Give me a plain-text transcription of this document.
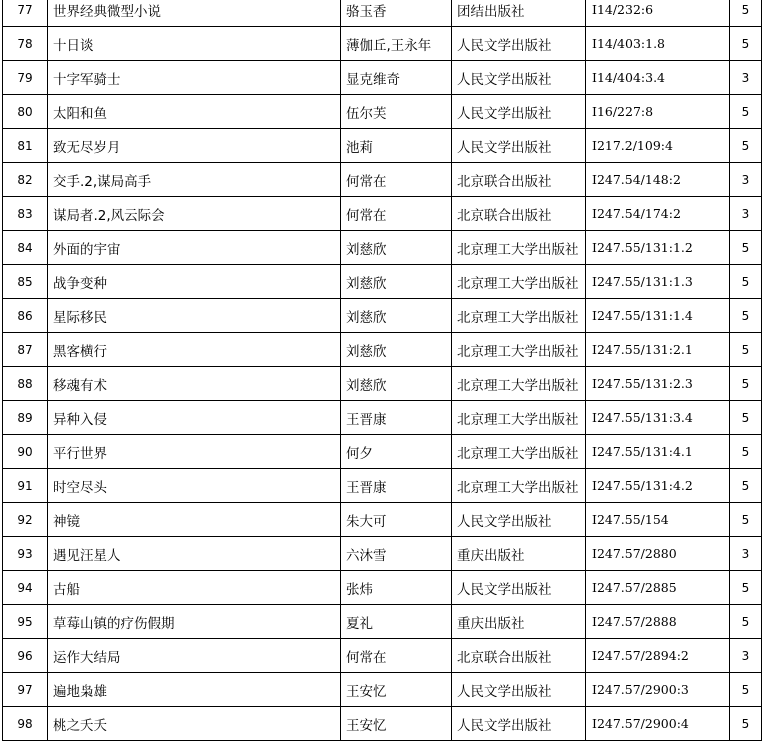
77	世界经典微型小说	骆玉香	团结出版社	I14/232:6	5
78	十日谈	薄伽丘,王永年	人民文学出版社	I14/403:1.8	5
79	十字军骑士	显克维奇	人民文学出版社	I14/404:3.4	3
80	太阳和鱼	伍尔芙	人民文学出版社	I16/227:8	5
81	致无尽岁月	池莉	人民文学出版社	I217.2/109:4	5
82	交手.2,谋局高手	何常在	北京联合出版社	I247.54/148:2	3
83	谋局者.2,风云际会	何常在	北京联合出版社	I247.54/174:2	3
84	外面的宇宙	刘慈欣	北京理工大学出版社	I247.55/131:1.2	5
85	战争变种	刘慈欣	北京理工大学出版社	I247.55/131:1.3	5
86	星际移民	刘慈欣	北京理工大学出版社	I247.55/131:1.4	5
87	黑客横行	刘慈欣	北京理工大学出版社	I247.55/131:2.1	5
88	移魂有术	刘慈欣	北京理工大学出版社	I247.55/131:2.3	5
89	异种入侵	王晋康	北京理工大学出版社	I247.55/131:3.4	5
90	平行世界	何夕	北京理工大学出版社	I247.55/131:4.1	5
91	时空尽头	王晋康	北京理工大学出版社	I247.55/131:4.2	5
92	神镜	朱大可	人民文学出版社	I247.55/154	5
93	遇见汪星人	六沐雪	重庆出版社	I247.57/2880	3
94	古船	张炜	人民文学出版社	I247.57/2885	5
95	草莓山镇的疗伤假期	夏礼	重庆出版社	I247.57/2888	5
96	运作大结局	何常在	北京联合出版社	I247.57/2894:2	3
97	遍地枭雄	王安忆	人民文学出版社	I247.57/2900:3	5
98	桃之夭夭	王安忆	人民文学出版社	I247.57/2900:4	5
